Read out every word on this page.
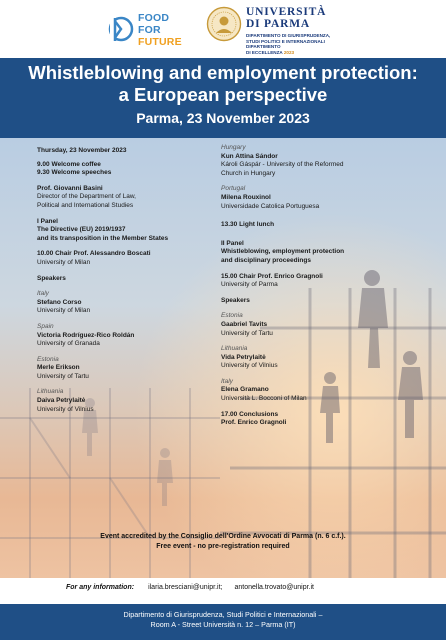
FOOD
FOR
FUTURE
UNIVERSITÀ
DI PARMA
DIPARTIMENTO DI GIURISPRUDENZA,
STUDI POLITICI E INTERNAZIONALI
DIPARTIMENTO
DI ECCELLENZA 2023
Whistleblowing and employment protection:
a European perspective
Parma, 23 November 2023
Thursday, 23 November 2023
9.00 Welcome coffee
9.30 Welcome speeches
Prof. Giovanni Basini
Director of the Department of Law,
Political and International Studies
I Panel
The Directive (EU) 2019/1937
and its transposition in the Member States
10.00 Chair Prof. Alessandro Boscati
University of Milan
Speakers
Italy
Stefano Corso
University of Milan
Spain
Victoria Rodríguez-Rico Roldán
University of Granada
Estonia
Merle Erikson
University of Tartu
Lithuania
Daiva Petrylaitė
University of Vilnius
Hungary
Kun Attina Sándor
Károli Gáspár - University of the Reformed
Church in Hungary
Portugal
Milena Rouxinol
Universidade Catolica Portuguesa
13.30 Light lunch
II Panel
Whistleblowing, employment protection
and disciplinary proceedings
15.00 Chair Prof. Enrico Gragnoli
University of Parma
Speakers
Estonia
Gaabriel Tavits
University of Tartu
Lithuania
Vida Petrylaitė
University of Vilnius
Italy
Elena Gramano
Università L. Bocconi of Milan
17.00 Conclusions
Prof. Enrico Gragnoli
Event accredited by the Consiglio dell'Ordine Avvocati di Parma (n. 6 c.f.).
Free event - no pre-registration required
For any information: ilaria.bresciani@unipr.it; antonella.trovato@unipr.it
Dipartimento di Giurisprudenza, Studi Politici e Internazionali –
Room A - Street Università n. 12 – Parma (IT)
